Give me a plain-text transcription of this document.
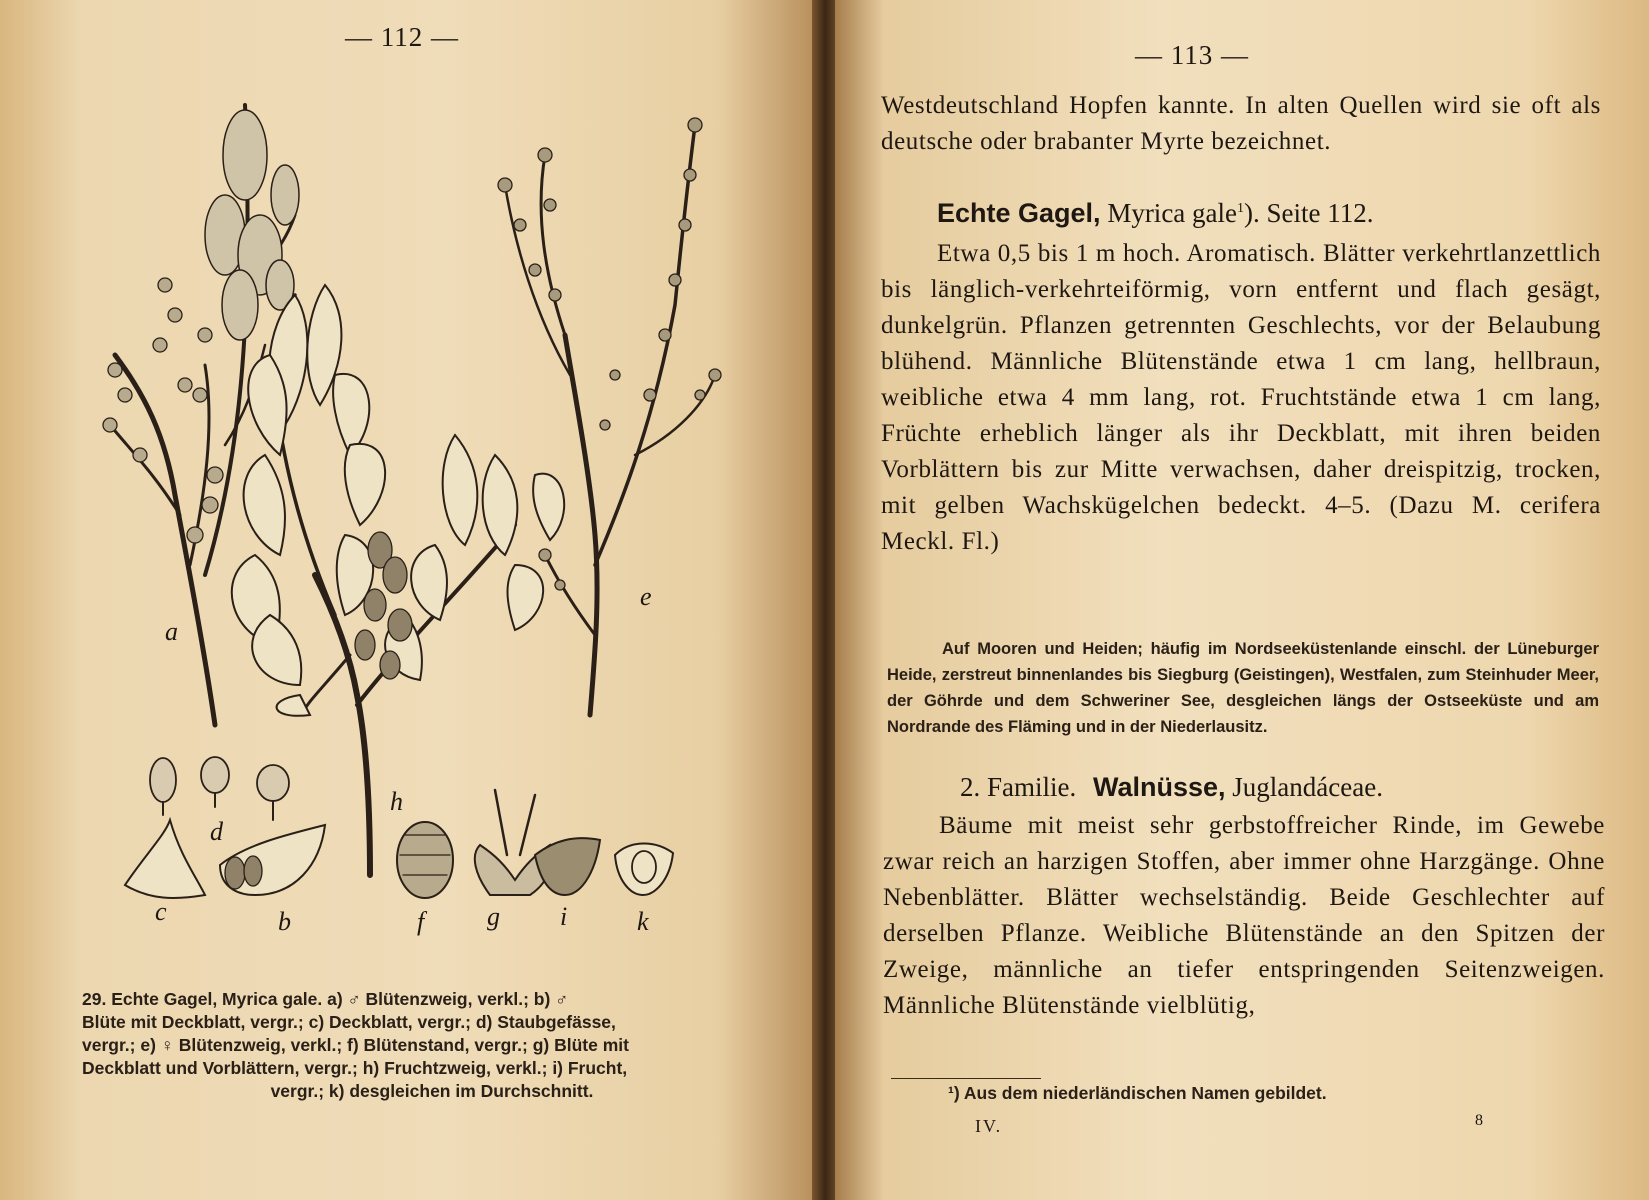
— 112 —
a
e
h
d
c	b	f g i	k
29. Echte Gagel, Myrica gale. a) ♂ Blütenzweig, verkl.; b) ♂
Blüte mit Deckblatt, vergr.; c) Deckblatt, vergr.; d) Staubgefässe,
vergr.; e) ♀ Blütenzweig, verkl.; f) Blütenstand, vergr.; g) Blüte mit
Deckblatt und Vorblättern, vergr.; h) Fruchtzweig, verkl.; i) Frucht,
vergr.; k) desgleichen im Durchschnitt.
— 113 —
Westdeutschland Hopfen kannte. In alten Quellen wird sie oft als deutsche oder brabanter Myrte bezeichnet.
Echte Gagel, Myrica gale$^1$). Seite 112.
Etwa 0,5 bis 1 m hoch. Aromatisch. Blätter verkehrtlanzettlich bis länglich-verkehrteiförmig, vorn entfernt und flach gesägt, dunkelgrün. Pflanzen getrennten Geschlechts, vor der Belaubung blühend. Männliche Blütenstände etwa 1 cm lang, hellbraun, weibliche etwa 4 mm lang, rot. Fruchtstände etwa 1 cm lang, Früchte erheblich länger als ihr Deckblatt, mit ihren beiden Vorblättern bis zur Mitte verwachsen, daher dreispitzig, trocken, mit gelben Wachskügelchen bedeckt. 4–5. (Dazu M. cerifera Meckl. Fl.)
Auf Mooren und Heiden; häufig im Nordseeküstenlande einschl. der Lüneburger Heide, zerstreut binnenlandes bis Siegburg (Geistingen), Westfalen, zum Steinhuder Meer, der Göhrde und dem Schweriner See, desgleichen längs der Ostseeküste und am Nordrande des Fläming und in der Niederlausitz.
2. Familie. Walnüsse, Juglandáceae.
Bäume mit meist sehr gerbstoffreicher Rinde, im Gewebe zwar reich an harzigen Stoffen, aber immer ohne Harzgänge. Ohne Nebenblätter. Blätter wechselständig. Beide Geschlechter auf derselben Pflanze. Weibliche Blütenstände an den Spitzen der Zweige, männliche an tiefer entspringenden Seitenzweigen. Männliche Blütenstände vielblütig,
¹) Aus dem niederländischen Namen gebildet.
IV.	8
